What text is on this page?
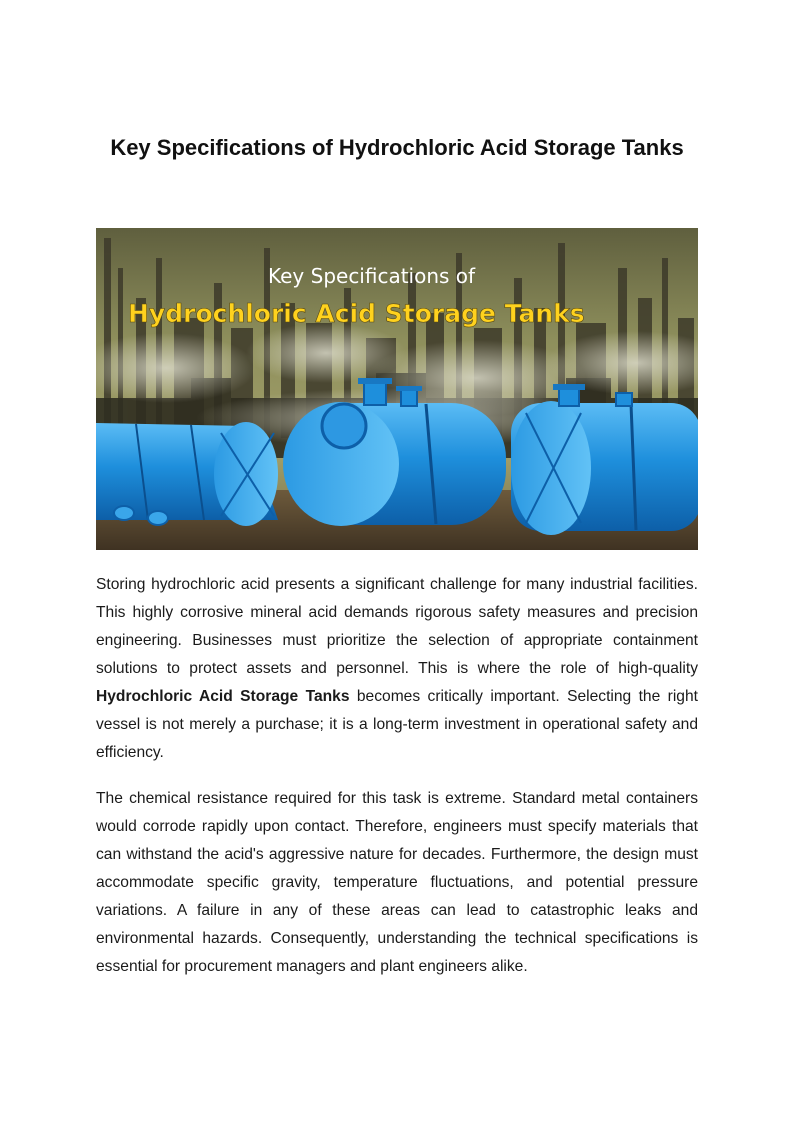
Key Specifications of Hydrochloric Acid Storage Tanks
Key Specifications of
Hydrochloric Acid Storage Tanks

Storing hydrochloric acid presents a significant challenge for many industrial facilities. This highly corrosive mineral acid demands rigorous safety measures and precision engineering. Businesses must prioritize the selection of appropriate containment solutions to protect assets and personnel. This is where the role of high-quality Hydrochloric Acid Storage Tanks becomes critically important. Selecting the right vessel is not merely a purchase; it is a long-term investment in operational safety and efficiency.

The chemical resistance required for this task is extreme. Standard metal containers would corrode rapidly upon contact. Therefore, engineers must specify materials that can withstand the acid's aggressive nature for decades. Furthermore, the design must accommodate specific gravity, temperature fluctuations, and potential pressure variations. A failure in any of these areas can lead to catastrophic leaks and environmental hazards. Consequently, understanding the technical specifications is essential for procurement managers and plant engineers alike.
